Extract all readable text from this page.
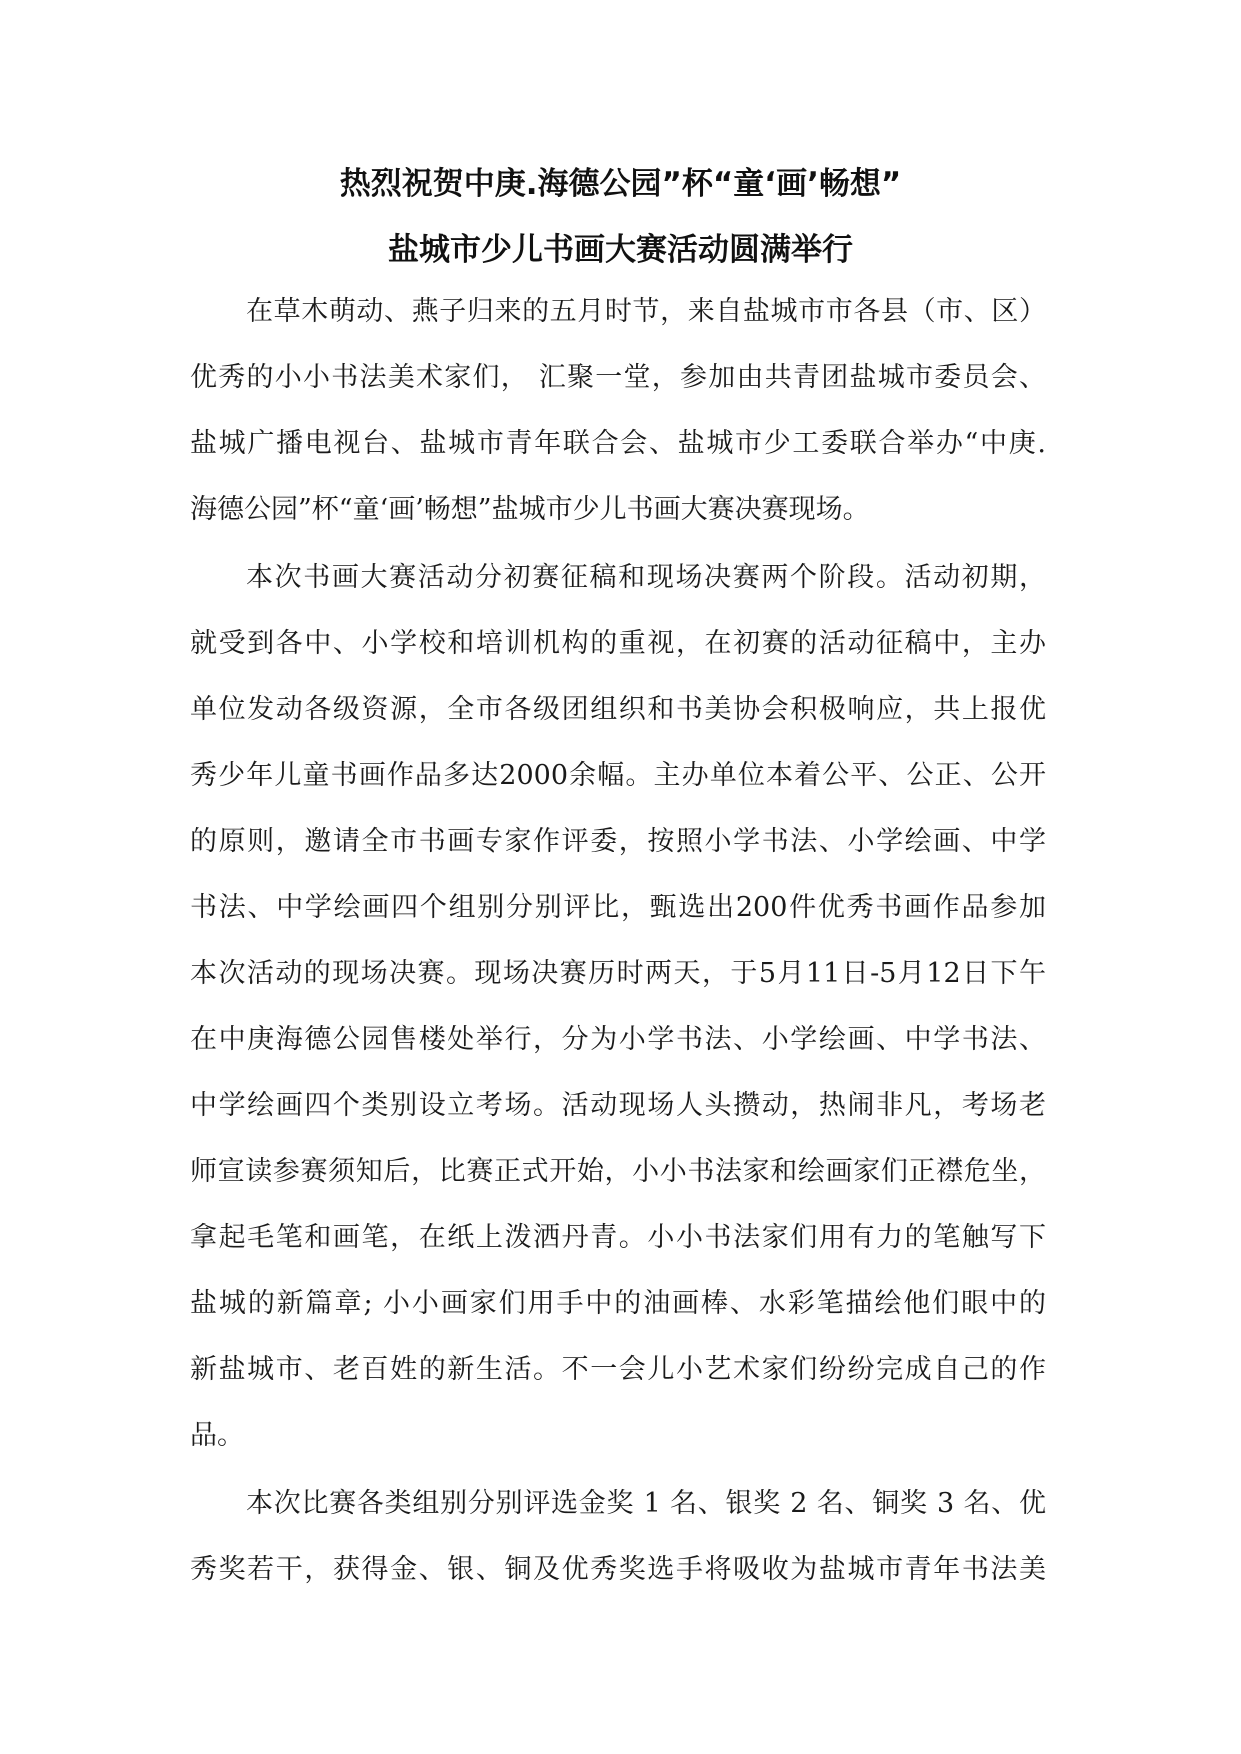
热烈祝贺中庚.海德公园”杯“童‘画’畅想”
盐城市少儿书画大赛活动圆满举行
在草木萌动、燕子归来的五月时节，来自盐城市市各县（市、区）
优秀的小小书法美术家们， 汇聚一堂，参加由共青团盐城市委员会、
盐城广播电视台、盐城市青年联合会、盐城市少工委联合举办“中庚.
海德公园”杯“童‘画’畅想”盐城市少儿书画大赛决赛现场。
本次书画大赛活动分初赛征稿和现场决赛两个阶段。活动初期，
就受到各中、小学校和培训机构的重视，在初赛的活动征稿中，主办
单位发动各级资源，全市各级团组织和书美协会积极响应，共上报优
秀少年儿童书画作品多达2000余幅。主办单位本着公平、公正、公开
的原则，邀请全市书画专家作评委，按照小学书法、小学绘画、中学
书法、中学绘画四个组别分别评比，甄选出200件优秀书画作品参加
本次活动的现场决赛。现场决赛历时两天，于5月11日-5月12日下午
在中庚海德公园售楼处举行，分为小学书法、小学绘画、中学书法、
中学绘画四个类别设立考场。活动现场人头攒动，热闹非凡，考场老
师宣读参赛须知后，比赛正式开始，小小书法家和绘画家们正襟危坐，
拿起毛笔和画笔，在纸上泼洒丹青。小小书法家们用有力的笔触写下
盐城的新篇章; 小小画家们用手中的油画棒、水彩笔描绘他们眼中的
新盐城市、老百姓的新生活。不一会儿小艺术家们纷纷完成自己的作
品。
本次比赛各类组别分别评选金奖 1 名、银奖 2 名、铜奖 3 名、优
秀奖若干，获得金、银、铜及优秀奖选手将吸收为盐城市青年书法美
